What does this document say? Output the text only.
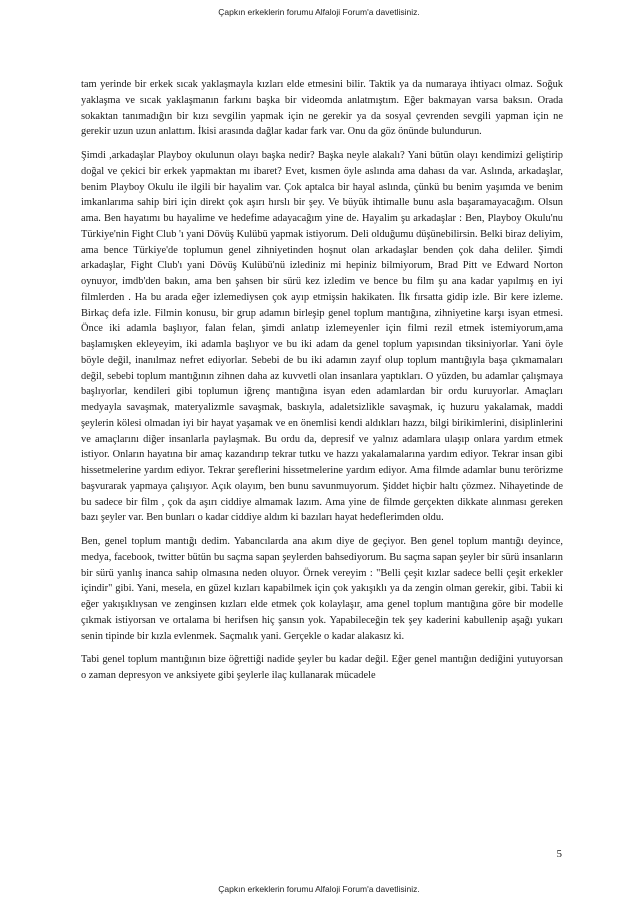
Çapkın erkeklerin forumu Alfaloji Forum'a davetlisiniz.

tam yerinde bir erkek sıcak yaklaşmayla kızları elde etmesini bilir. Taktik ya da numaraya ihtiyacı olmaz. Soğuk yaklaşma ve sıcak yaklaşmanın farkını başka bir videomda anlatmıştım. Eğer bakmayan varsa baksın. Orada sokaktan tanımadığın bir kızı sevgilin yapmak için ne gerekir ya da sosyal çevrenden sevgili yapman için ne gerekir uzun uzun anlattım. İkisi arasında dağlar kadar fark var. Onu da göz önünde bulundurun.

Şimdi ,arkadaşlar Playboy okulunun olayı başka nedir? Başka neyle alakalı? Yani bütün olayı kendimizi geliştirip doğal ve çekici bir erkek yapmaktan mı ibaret? Evet, kısmen öyle aslında ama dahası da var. Aslında, arkadaşlar, benim Playboy Okulu ile ilgili bir hayalim var. Çok aptalca bir hayal aslında, çünkü bu benim yaşımda ve benim imkanlarıma sahip biri için direkt çok aşırı hırslı bir şey. Ve büyük ihtimalle bunu asla başaramayacağım. Olsun ama. Ben hayatımı bu hayalime ve hedefime adayacağım yine de. Hayalim şu arkadaşlar : Ben, Playboy Okulu'nu Türkiye'nin Fight Club 'ı yani Dövüş Kulübü yapmak istiyorum. Deli olduğumu düşünebilirsin. Belki biraz deliyim, ama bence Türkiye'de toplumun genel zihniyetinden hoşnut olan arkadaşlar benden çok daha deliler. Şimdi arkadaşlar, Fight Club'ı yani Dövüş Kulübü'nü izlediniz mi hepiniz bilmiyorum, Brad Pitt ve Edward Norton oynuyor, imdb'den bakın, ama ben şahsen bir sürü kez izledim ve bence bu film şu ana kadar yapılmış en iyi filmlerden . Ha bu arada eğer izlemediysen çok ayıp etmişsin hakikaten. İlk fırsatta gidip izle. Bir kere izleme. Birkaç defa izle. Filmin konusu, bir grup adamın birleşip genel toplum mantığına, zihniyetine karşı isyan etmesi. Önce iki adamla başlıyor, falan felan, şimdi anlatıp izlemeyenler için filmi rezil etmek istemiyorum,ama başlamışken ekleyeyim, iki adamla başlıyor ve bu iki adam da genel toplum yapısından tiksiniyorlar. Yani öyle böyle değil, inanılmaz nefret ediyorlar. Sebebi de bu iki adamın zayıf olup toplum mantığıyla başa çıkmamaları değil, sebebi toplum mantığının zihnen daha az kuvvetli olan insanlara yaptıkları. O yüzden, bu adamlar çalışmaya başlıyorlar, kendileri gibi toplumun iğrenç mantığına isyan eden adamlardan bir ordu kuruyorlar. Amaçları medyayla savaşmak, materyalizmle savaşmak, baskıyla, adaletsizlikle savaşmak, iç huzuru yakalamak, maddi şeylerin kölesi olmadan iyi bir hayat yaşamak ve en önemlisi kendi aldıkları hazzı, bilgi birikimlerini, disiplinlerini ve amaçlarını diğer insanlarla paylaşmak. Bu ordu da, depresif ve yalnız adamlara ulaşıp onlara yardım etmek istiyor. Onların hayatına bir amaç kazandırıp tekrar tutku ve hazzı yakalamalarına yardım ediyor. Tekrar insan gibi hissetmelerine yardım ediyor. Tekrar şereflerini hissetmelerine yardım ediyor. Ama filmde adamlar bunu terörizme başvurarak yapmaya çalışıyor. Açık olayım, ben bunu savunmuyorum. Şiddet hiçbir haltı çözmez. Nihayetinde de bu sadece bir film , çok da aşırı ciddiye almamak lazım. Ama yine de filmde gerçekten dikkate alınması gereken bazı şeyler var. Ben bunları o kadar ciddiye aldım ki bazıları hayat hedeflerimden oldu.

Ben, genel toplum mantığı dedim. Yabancılarda ana akım diye de geçiyor. Ben genel toplum mantığı deyince, medya, facebook, twitter bütün bu saçma sapan şeylerden bahsediyorum. Bu saçma sapan şeyler bir sürü insanların bir sürü yanlış inanca sahip olmasına neden oluyor. Örnek vereyim : "Belli çeşit kızlar sadece belli çeşit erkekler içindir" gibi. Yani, mesela, en güzel kızları kapabilmek için çok yakışıklı ya da zengin olman gerekir, gibi. Tabii ki eğer yakışıklıysan ve zenginsen kızları elde etmek çok kolaylaşır, ama genel toplum mantığına göre bir modelle çıkmak istiyorsan ve ortalama bi herifsen hiç şansın yok. Yapabileceğin tek şey kaderini kabullenip aşağı yukarı senin tipinde bir kızla evlenmek. Saçmalık yani. Gerçekle o kadar alakasız ki.

Tabi genel toplum mantığının bize öğrettiği nadide şeyler bu kadar değil. Eğer genel mantığın dediğini yutuyorsan o zaman depresyon ve anksiyete gibi şeylerle ilaç kullanarak mücadele

5
Çapkın erkeklerin forumu Alfaloji Forum'a davetlisiniz.
